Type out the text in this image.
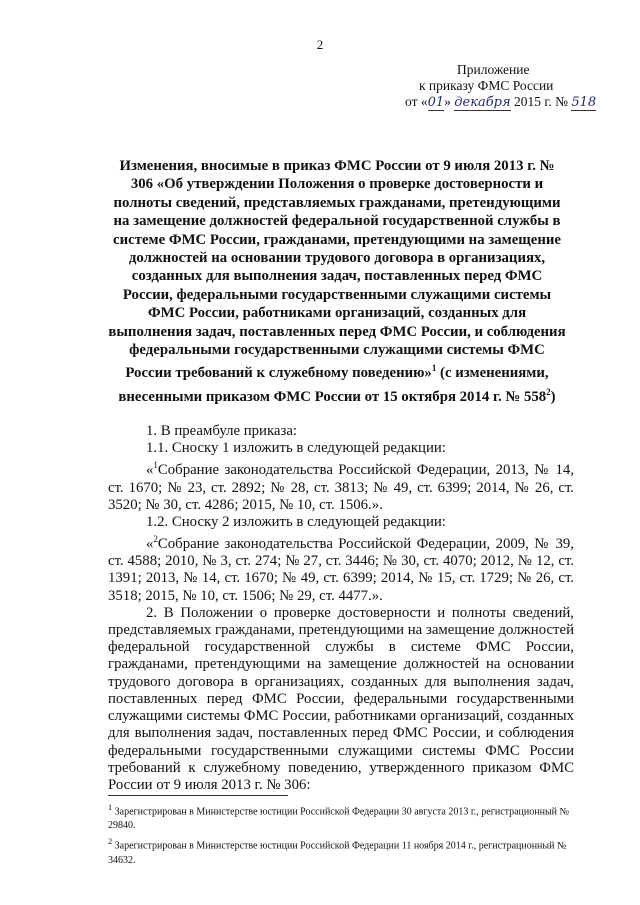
2
Приложение
к приказу ФМС России
от «01» декабря 2015 г. № 518
Изменения, вносимые в приказ ФМС России от 9 июля 2013 г. № 306 «Об утверждении Положения о проверке достоверности и полноты сведений, представляемых гражданами, претендующими на замещение должностей федеральной государственной службы в системе ФМС России, гражданами, претендующими на замещение должностей на основании трудового договора в организациях, созданных для выполнения задач, поставленных перед ФМС России, федеральными государственными служащими системы ФМС России, работниками организаций, созданных для выполнения задач, поставленных перед ФМС России, и соблюдения федеральными государственными служащими системы ФМС России требований к служебному поведению»$^1$ (с изменениями, внесенными приказом ФМС России от 15 октября 2014 г. № $558^2$)

1. В преамбуле приказа:

1.1. Сноску 1 изложить в следующей редакции:

«$^1$Собрание законодательства Российской Федерации, 2013, № 14, ст. 1670; № 23, ст. 2892; № 28, ст. 3813; № 49, ст. 6399; 2014, № 26, ст. 3520; № 30, ст. 4286; 2015, № 10, ст. 1506.».

1.2. Сноску 2 изложить в следующей редакции:

«$^2$Собрание законодательства Российской Федерации, 2009, № 39, ст. 4588; 2010, № 3, ст. 274; № 27, ст. 3446; № 30, ст. 4070; 2012, № 12, ст. 1391; 2013, № 14, ст. 1670; № 49, ст. 6399; 2014, № 15, ст. 1729; № 26, ст. 3518; 2015, № 10, ст. 1506; № 29, ст. 4477.».

2. В Положении о проверке достоверности и полноты сведений, представляемых гражданами, претендующими на замещение должностей федеральной государственной службы в системе ФМС России, гражданами, претендующими на замещение должностей на основании трудового договора в организациях, созданных для выполнения задач, поставленных перед ФМС России, федеральными государственными служащими системы ФМС России, работниками организаций, созданных для выполнения задач, поставленных перед ФМС России, и соблюдения федеральными государственными служащими системы ФМС России требований к служебному поведению, утвержденного приказом ФМС России от 9 июля 2013 г. № 306:

$^1$ Зарегистрирован в Министерстве юстиции Российской Федерации 30 августа 2013 г., регистрационный № 29840.

$^2$ Зарегистрирован в Министерстве юстиции Российской Федерации 11 ноября 2014 г., регистрационный № 34632.
